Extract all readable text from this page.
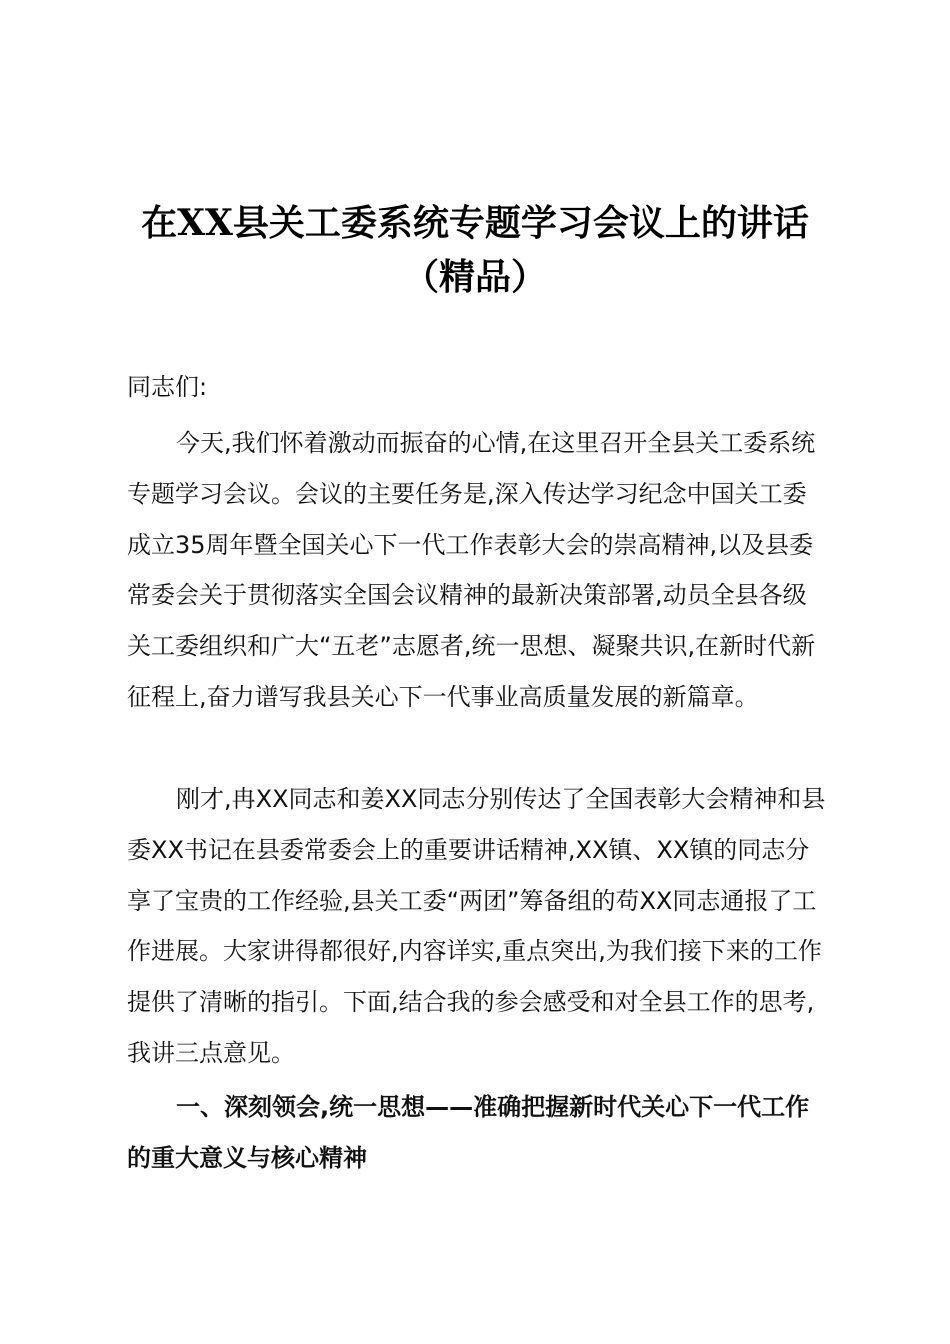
在XX县关工委系统专题学习会议上的讲话（精品）

同志们:

今天,我们怀着激动而振奋的心情,在这里召开全县关工委系统专题学习会议。会议的主要任务是,深入传达学习纪念中国关工委成立35周年暨全国关心下一代工作表彰大会的崇高精神,以及县委常委会关于贯彻落实全国会议精神的最新决策部署,动员全县各级关工委组织和广大“五老”志愿者,统一思想、凝聚共识,在新时代新征程上,奋力谱写我县关心下一代事业高质量发展的新篇章。

刚才,冉XX同志和姜XX同志分别传达了全国表彰大会精神和县委XX书记在县委常委会上的重要讲话精神,XX镇、XX镇的同志分享了宝贵的工作经验,县关工委“两团”筹备组的苟XX同志通报了工作进展。大家讲得都很好,内容详实,重点突出,为我们接下来的工作提供了清晰的指引。下面,结合我的参会感受和对全县工作的思考,我讲三点意见。

一、深刻领会,统一思想——准确把握新时代关心下一代工作的重大意义与核心精神
